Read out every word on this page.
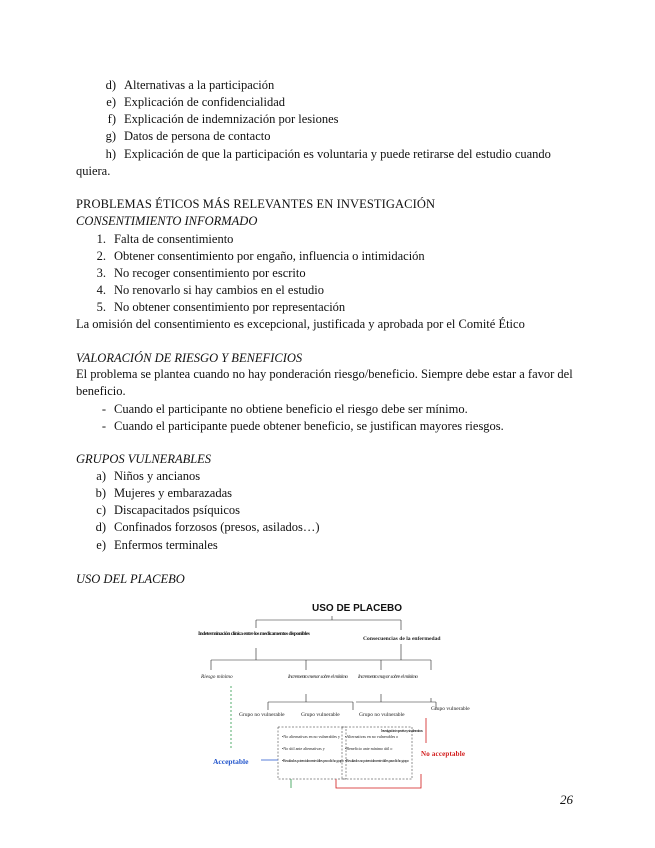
d) Alternativas a la participación
e) Explicación de confidencialidad
f) Explicación de indemnización por lesiones
g) Datos de persona de contacto
h) Explicación de que la participación es voluntaria y puede retirarse del estudio cuando
quiera.
PROBLEMAS ÉTICOS MÁS RELEVANTES EN INVESTIGACIÓN
CONSENTIMIENTO INFORMADO
1. Falta de consentimiento
2. Obtener consentimiento por engaño, influencia o intimidación
3. No recoger consentimiento por escrito
4. No renovarlo si hay cambios en el estudio
5. No obtener consentimiento por representación
La omisión del consentimiento es excepcional, justificada y aprobada por el Comité Ético
VALORACIÓN DE RIESGO Y BENEFICIOS
El problema se plantea cuando no hay ponderación riesgo/beneficio. Siempre debe estar a favor del beneficio.
- Cuando el participante no obtiene beneficio el riesgo debe ser mínimo.
- Cuando el participante puede obtener beneficio, se justifican mayores riesgos.
GRUPOS VULNERABLES
a) Niños y ancianos
b) Mujeres y embarazadas
c) Discapacitados psíquicos
d) Confinados forzosos (presos, asilados…)
e) Enfermos terminales
USO DEL PLACEBO
USO DE PLACEBO
Indeterminación clínica entre los medicamentos disponibles
Consecuencias de la enfermedad
Riesgo mínimo	Incremento menor sobre el mínimo Incremento mayor sobre el mínimo
Grupo no vulnerable	Grupo vulnerable	Grupo no vulnerable
Grupo vulnerable
•No alternativas en no vulnerables y
•No útil ante alternativas y
•Resultados potencialmente útiles para dicho grupo
•Alternativas en no vulnerables o
•Beneficio ante mínimo útil o
•Resultados no potencialmente útiles para dicho grupo
Investigación imperativa y sin alternativas
Acceptable
No acceptable
26
